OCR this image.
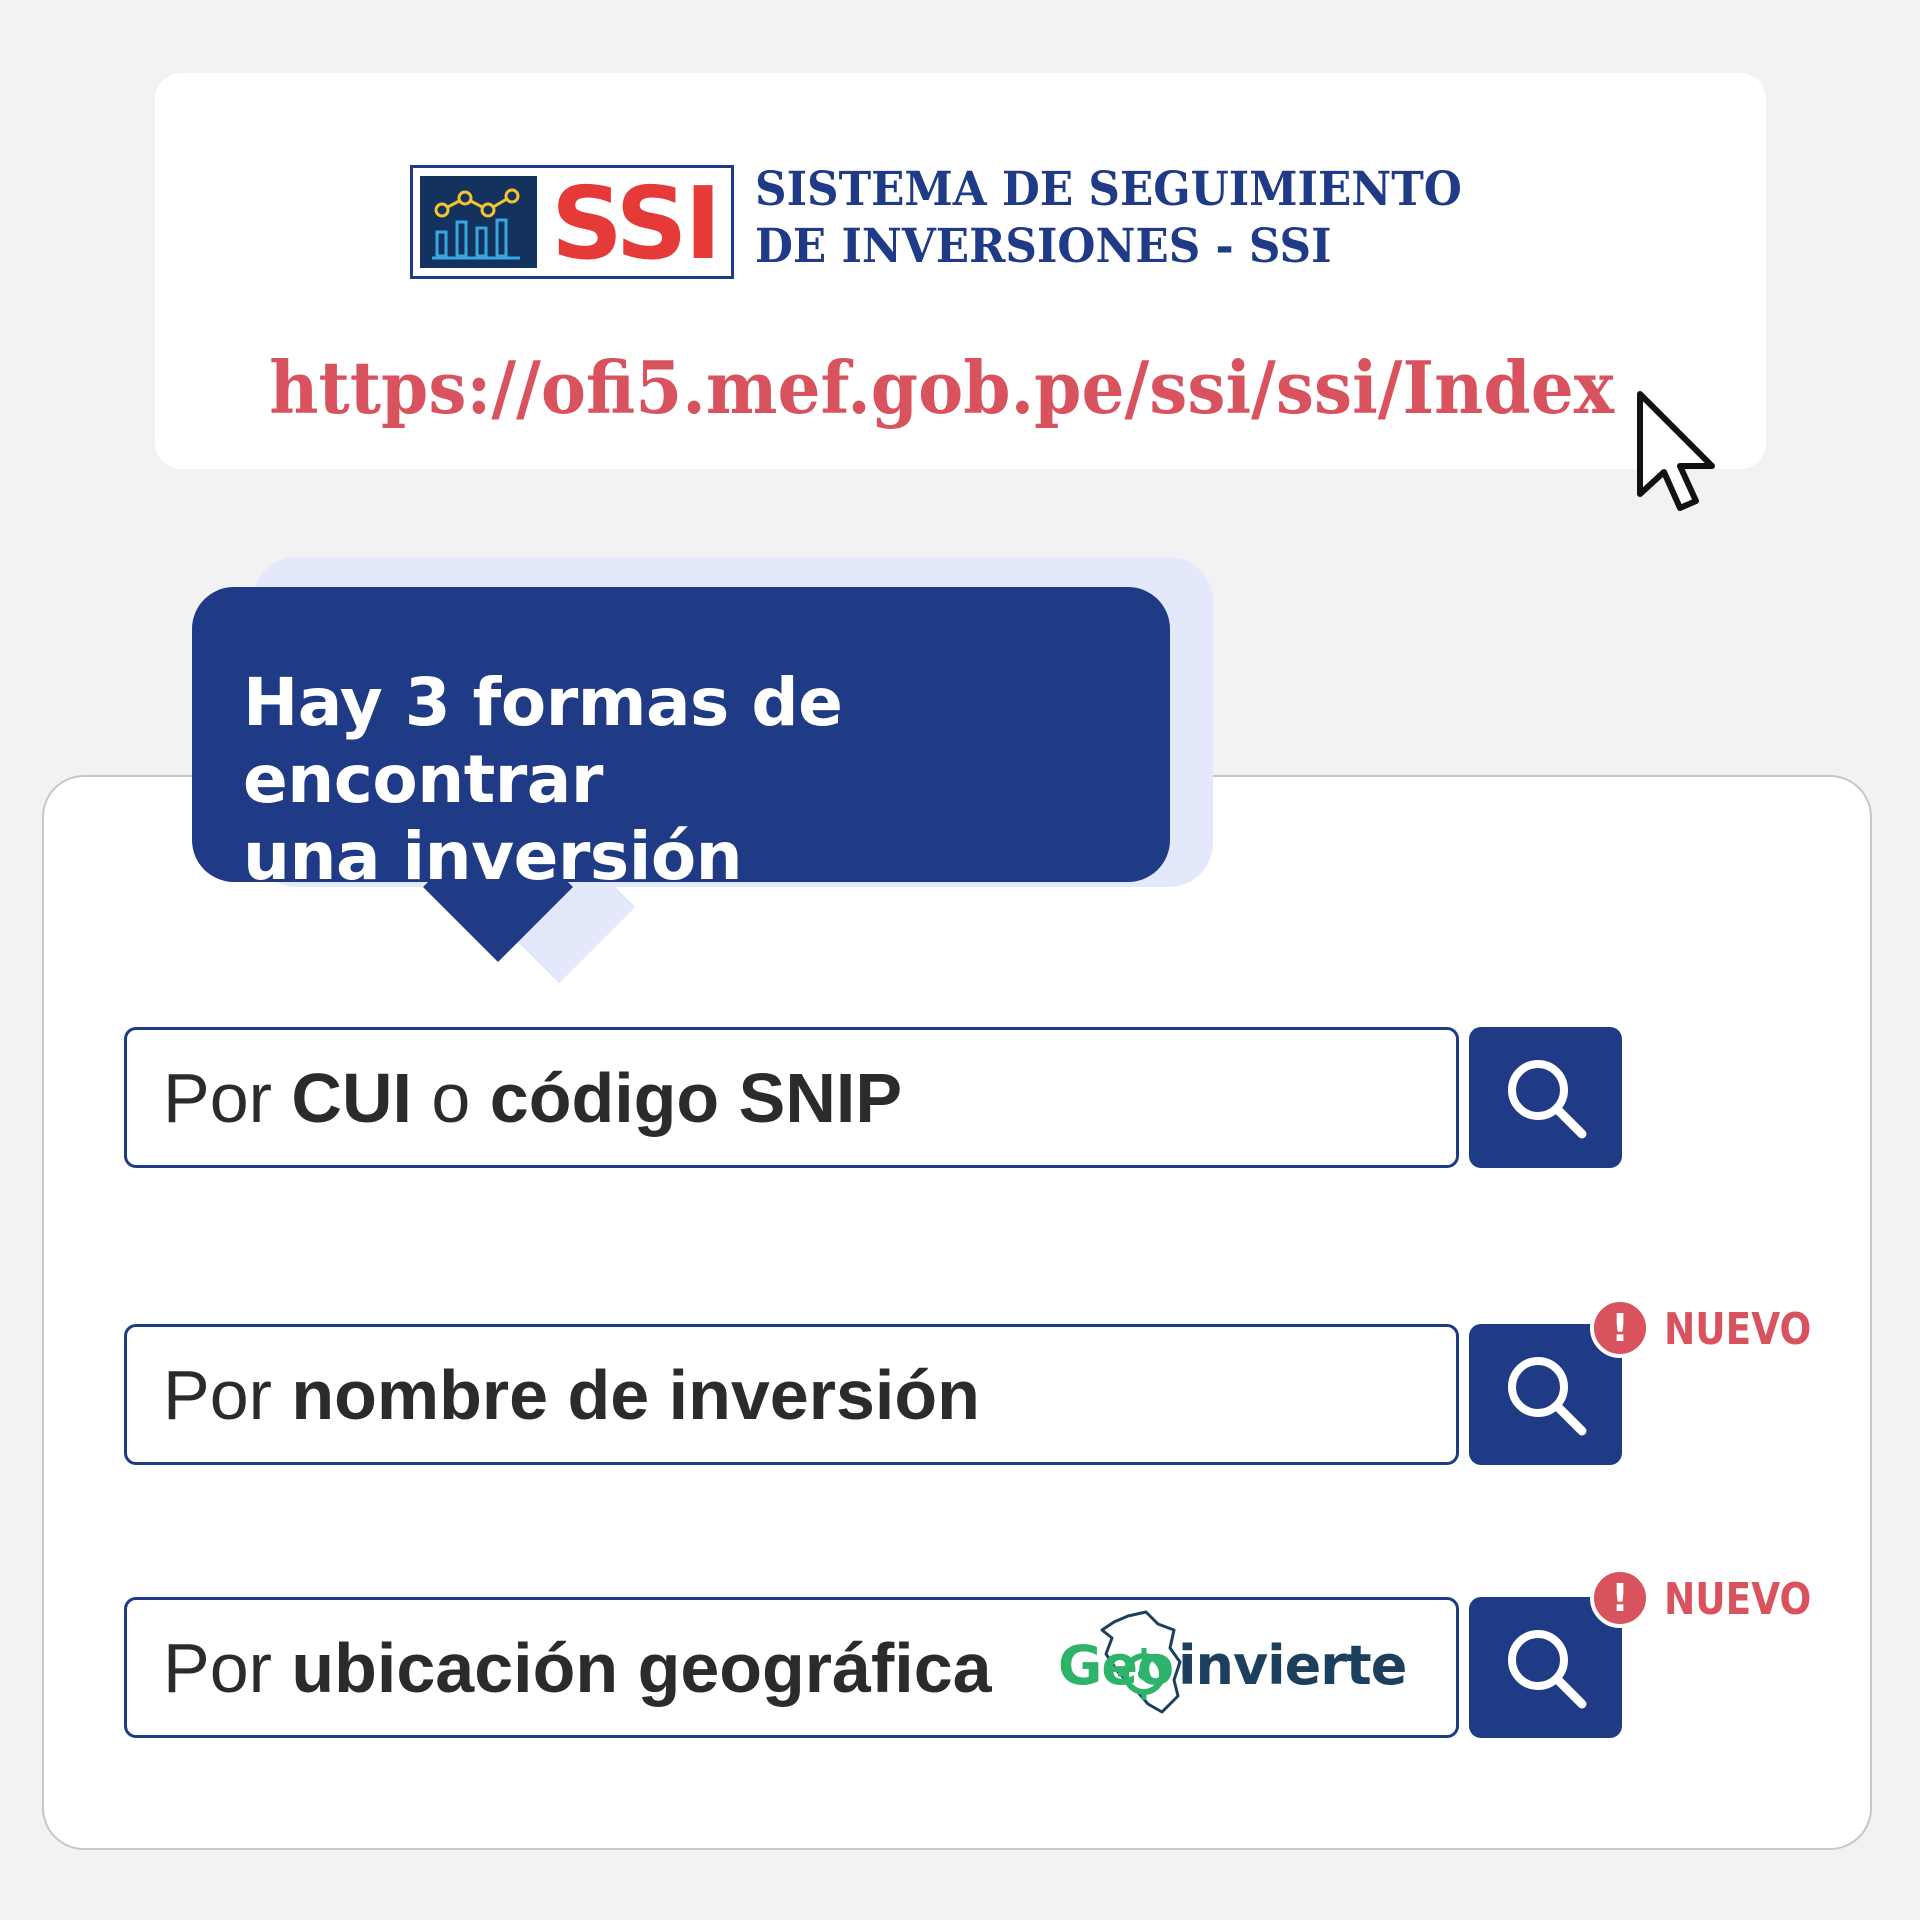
SSI SISTEMA DE SEGUIMIENTO
DE INVERSIONES - SSI
https://ofi5.mef.gob.pe/ssi/ssi/Index
Hay 3 formas de encontrar
una inversión
Por
CUI o código SNIP
Por
nombre de inversión
! NUEVO
Por
ubicación geográfica Geo invierte
! NUEVO
